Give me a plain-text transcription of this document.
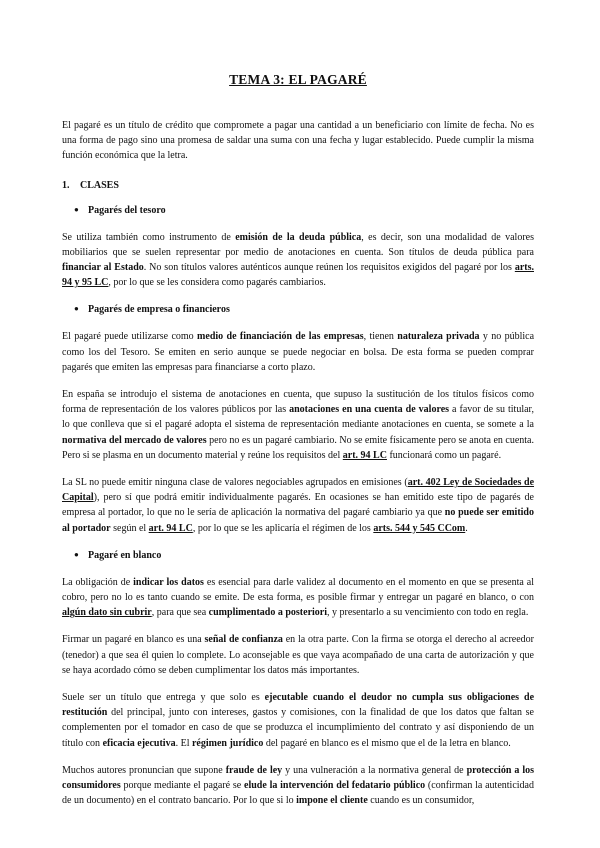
TEMA 3: EL PAGARÉ

El pagaré es un título de crédito que compromete a pagar una cantidad a un beneficiario con límite de fecha. No es una forma de pago sino una promesa de saldar una suma con una fecha y lugar establecido. Puede cumplir la misma función económica que la letra.

1. CLASES
● Pagarés del tesoro

Se utiliza también como instrumento de emisión de la deuda pública, es decir, son una modalidad de valores mobiliarios que se suelen representar por medio de anotaciones en cuenta. Son títulos de deuda pública para financiar al Estado. No son títulos valores auténticos aunque reúnen los requisitos exigidos del pagaré por los arts. 94 y 95 LC, por lo que se les considera como pagarés cambiarios.

● Pagarés de empresa o financieros

El pagaré puede utilizarse como medio de financiación de las empresas, tienen naturaleza privada y no pública como los del Tesoro. Se emiten en serio aunque se puede negociar en bolsa. De esta forma se pueden comprar pagarés que emiten las empresas para financiarse a corto plazo.

En españa se introdujo el sistema de anotaciones en cuenta, que supuso la sustitución de los títulos físicos como forma de representación de los valores públicos por las anotaciones en una cuenta de valores a favor de su titular, lo que conlleva que si el pagaré adopta el sistema de representación mediante anotaciones en cuenta, se somete a la normativa del mercado de valores pero no es un pagaré cambiario. No se emite físicamente pero se anota en cuenta. Pero si se plasma en un documento material y reúne los requisitos del art. 94 LC funcionará como un pagaré.

La SL no puede emitir ninguna clase de valores negociables agrupados en emisiones (art. 402 Ley de Sociedades de Capital), pero sí que podrá emitir individualmente pagarés. En ocasiones se han emitido este tipo de pagarés de empresa al portador, lo que no le sería de aplicación la normativa del pagaré cambiario ya que no puede ser emitido al portador según el art. 94 LC, por lo que se les aplicaría el régimen de los arts. 544 y 545 CCom.

● Pagaré en blanco

La obligación de indicar los datos es esencial para darle validez al documento en el momento en que se presenta al cobro, pero no lo es tanto cuando se emite. De esta forma, es posible firmar y entregar un pagaré en blanco, o con algún dato sin cubrir, para que sea cumplimentado a posteriori, y presentarlo a su vencimiento con todo en regla.

Firmar un pagaré en blanco es una señal de confianza en la otra parte. Con la firma se otorga el derecho al acreedor (tenedor) a que sea él quien lo complete. Lo aconsejable es que vaya acompañado de una carta de autorización y que se haya acordado cómo se deben cumplimentar los datos más importantes.

Suele ser un título que entrega y que solo es ejecutable cuando el deudor no cumpla sus obligaciones de restitución del principal, junto con intereses, gastos y comisiones, con la finalidad de que los datos que faltan se complementen por el tomador en caso de que se produzca el incumplimiento del contrato y así disponiendo de un título con eficacia ejecutiva. El régimen jurídico del pagaré en blanco es el mismo que el de la letra en blanco.

Muchos autores pronuncian que supone fraude de ley y una vulneración a la normativa general de protección a los consumidores porque mediante el pagaré se elude la intervención del fedatario público (confirman la autenticidad de un documento) en el contrato bancario. Por lo que si lo impone el cliente cuando es un consumidor,
